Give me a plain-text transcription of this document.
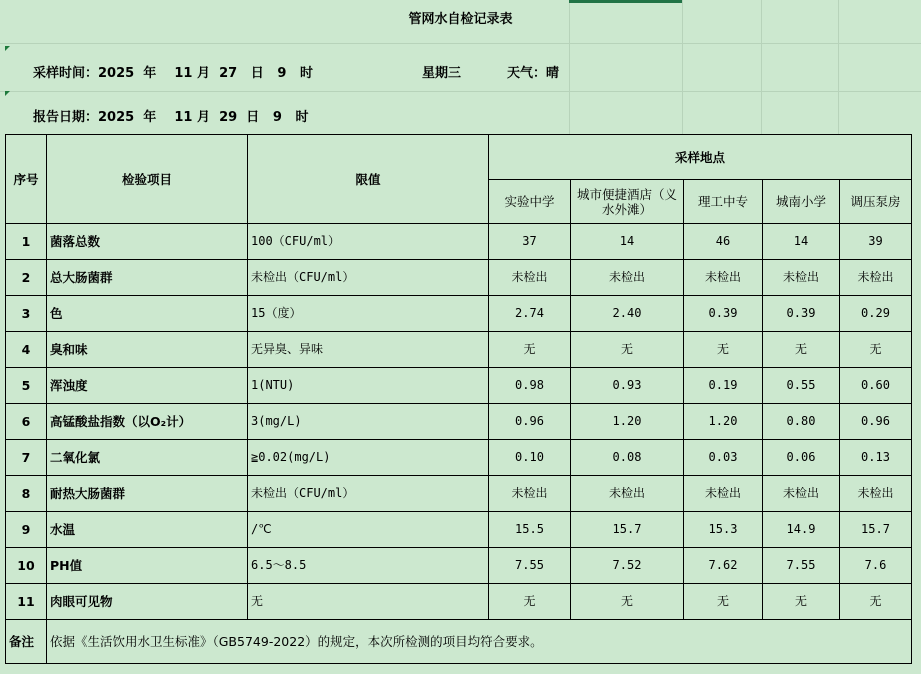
管网水自检记录表
采样时间：2025 年 11 月 27 日 9 时	星期三	天气：晴
报告日期：2025 年 11 月 29 日 9 时
序号	检验项目	限值	采样地点				
			实验中学	城市便捷酒店（义水外滩）	理工中专	城南小学	调压泵房
1	菌落总数	100（CFU/ml）	37	14	46	14	39
2	总大肠菌群	未检出（CFU/ml）	未检出	未检出	未检出	未检出	未检出
3	色	15（度）	2.74	2.40	0.39	0.39	0.29
4	臭和味	无异臭、异味	无	无	无	无	无
5	浑浊度	1(NTU)	0.98	0.93	0.19	0.55	0.60
6	高锰酸盐指数（以O₂计）	3(mg/L)	0.96	1.20	1.20	0.80	0.96
7	二氧化氯	≧0.02(mg/L)	0.10	0.08	0.03	0.06	0.13
8	耐热大肠菌群	未检出（CFU/ml）	未检出	未检出	未检出	未检出	未检出
9	水温	/℃	15.5	15.7	15.3	14.9	15.7
10	PH值	6.5～8.5	7.55	7.52	7.62	7.55	7.6
11	肉眼可见物	无	无	无	无	无	无
备注	依据《生活饮用水卫生标准》（GB5749-2022）的规定，本次所检测的项目均符合要求。						
